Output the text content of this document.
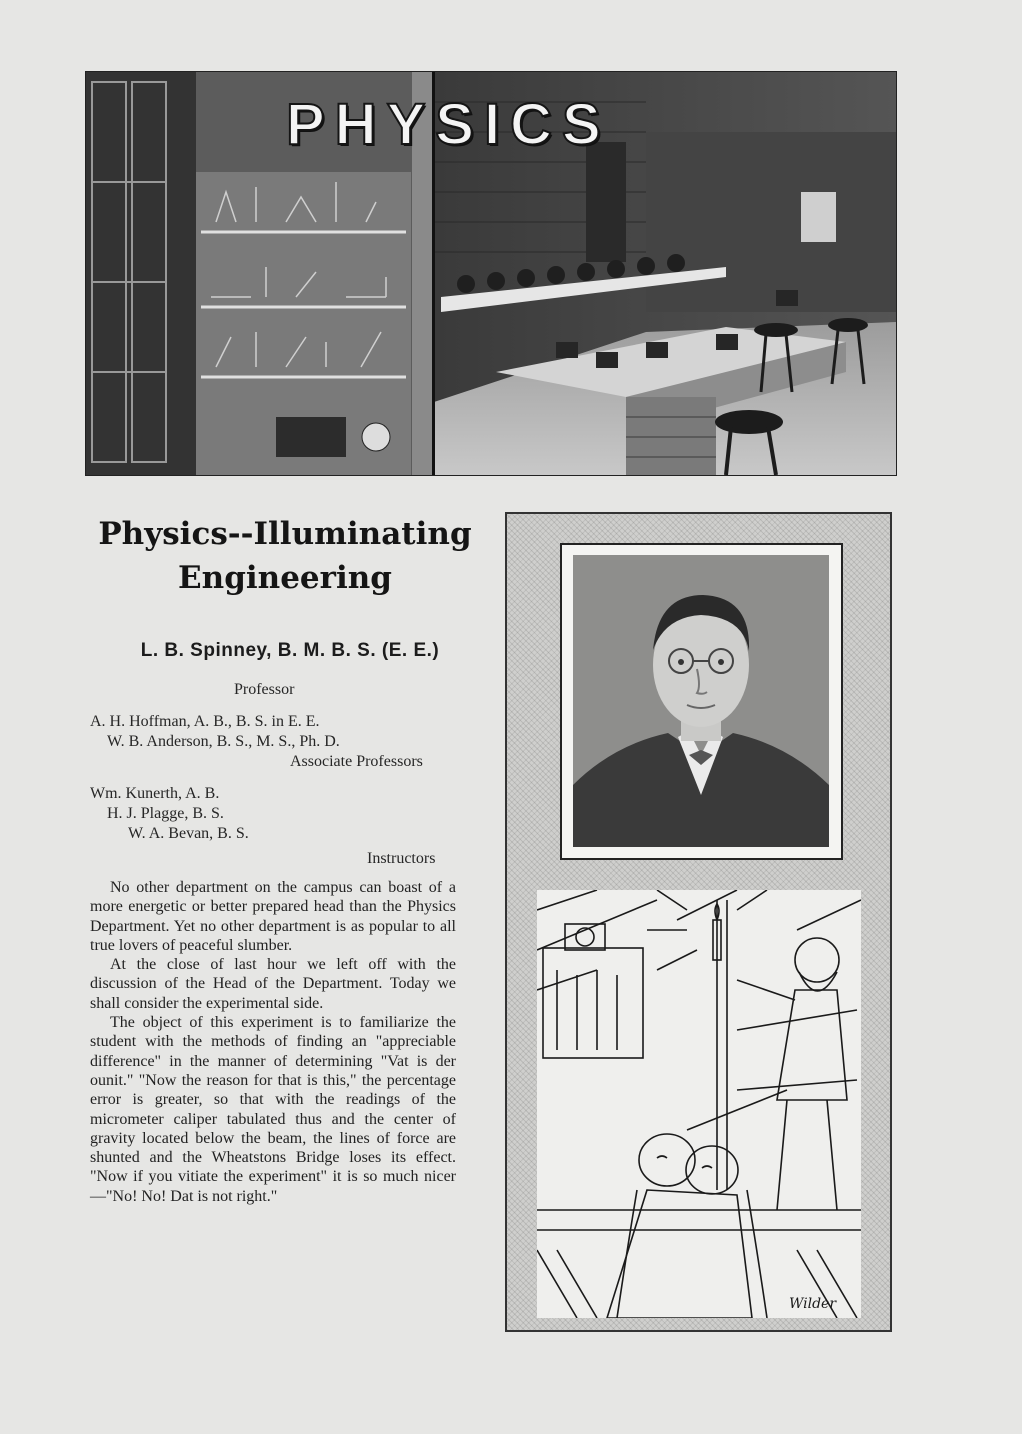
PHYSICS
Physics--Illuminating
Engineering
L. B. Spinney, B. M. B. S. (E. E.)
Professor
A. H. Hoffman, A. B., B. S. in E. E.
W. B. Anderson, B. S., M. S., Ph. D.
Associate Professors
Wm. Kunerth, A. B.
H. J. Plagge, B. S.
W. A. Bevan, B. S.
Instructors

No other department on the campus can boast of a more energetic or better prepared head than the Physics Department. Yet no other department is as popular to all true lovers of peaceful slumber.

At the close of last hour we left off with the discussion of the Head of the Department. Today we shall consider the experimental side.

The object of this experiment is to familiarize the student with the methods of finding an "appreciable difference" in the manner of determining "Vat is der ounit." "Now the reason for that is this," the percentage error is greater, so that with the readings of the micrometer caliper tabulated thus and the center of gravity located below the beam, the lines of force are shunted and the Wheatstons Bridge loses its effect. "Now if you vitiate the experiment" it is so much nicer—"No! No! Dat is not right."

Wilder
